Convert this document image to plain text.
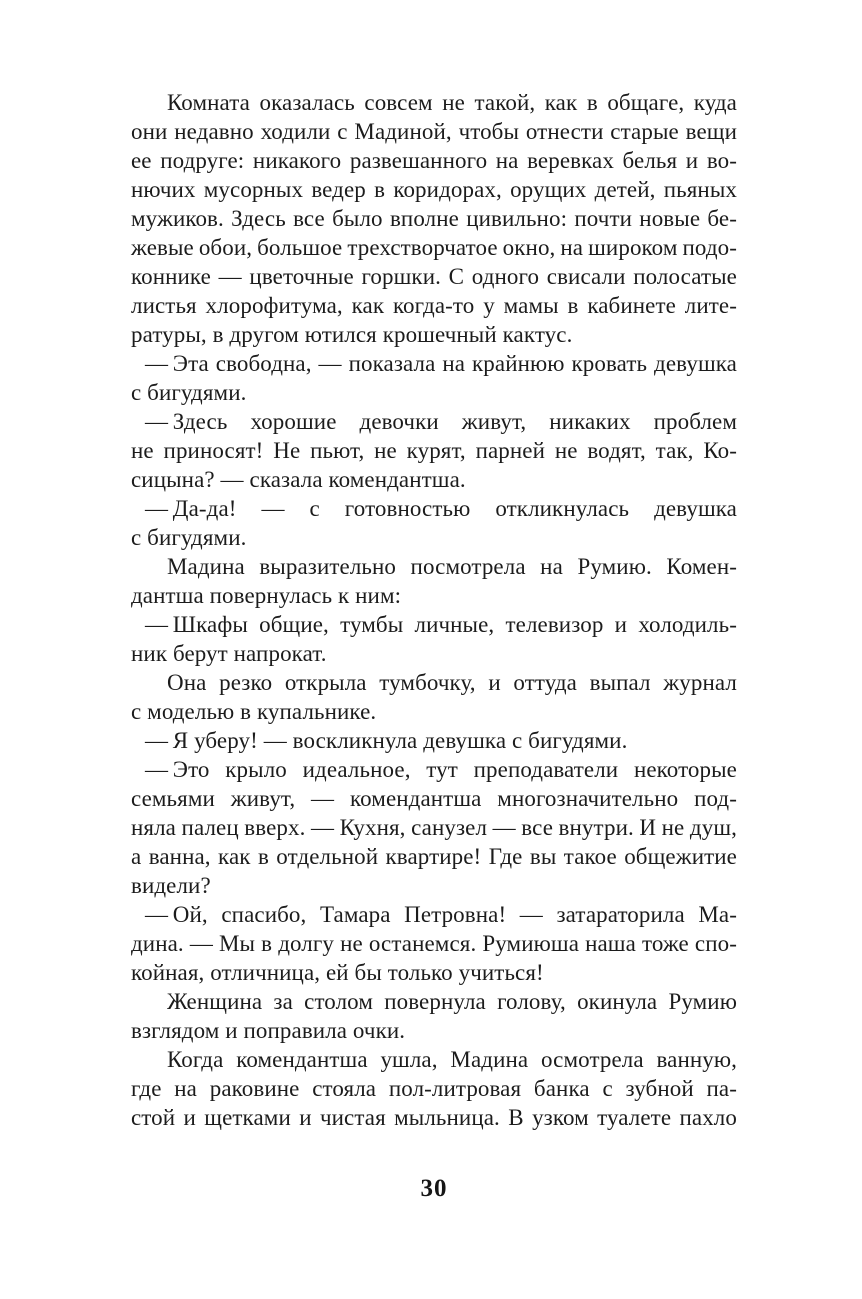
Комната оказалась совсем не такой, как в общаге, куда
они недавно ходили с Мадиной, чтобы отнести старые вещи
ее подруге: никакого развешанного на веревках белья и во-
нючих мусорных ведер в коридорах, орущих детей, пьяных
мужиков. Здесь все было вполне цивильно: почти новые бе-
жевые обои, большое трехстворчатое окно, на широком подо-
коннике — цветочные горшки. С одного свисали полосатые
листья хлорофитума, как когда-то у мамы в кабинете лите-
ратуры, в другом ютился крошечный кактус.
— Эта свободна, — показала на крайнюю кровать девушка
с бигудями.
— Здесь хорошие девочки живут, никаких проблем
не приносят! Не пьют, не курят, парней не водят, так, Ко-
сицына? — сказала комендантша.
— Да-да! — с готовностью откликнулась девушка
с бигудями.
Мадина выразительно посмотрела на Румию. Комен-
дантша повернулась к ним:
— Шкафы общие, тумбы личные, телевизор и холодиль-
ник берут напрокат.
Она резко открыла тумбочку, и оттуда выпал журнал
с моделью в купальнике.
— Я уберу! — воскликнула девушка с бигудями.
— Это крыло идеальное, тут преподаватели некоторые
семьями живут, — комендантша многозначительно под-
няла палец вверх. — Кухня, санузел — все внутри. И не душ,
а ванна, как в отдельной квартире! Где вы такое общежитие
видели?
— Ой, спасибо, Тамара Петровна! — затараторила Ма-
дина. — Мы в долгу не останемся. Румиюша наша тоже спо-
койная, отличница, ей бы только учиться!
Женщина за столом повернула голову, окинула Румию
взглядом и поправила очки.
Когда комендантша ушла, Мадина осмотрела ванную,
где на раковине стояла пол-литровая банка с зубной па-
стой и щетками и чистая мыльница. В узком туалете пахло
30
